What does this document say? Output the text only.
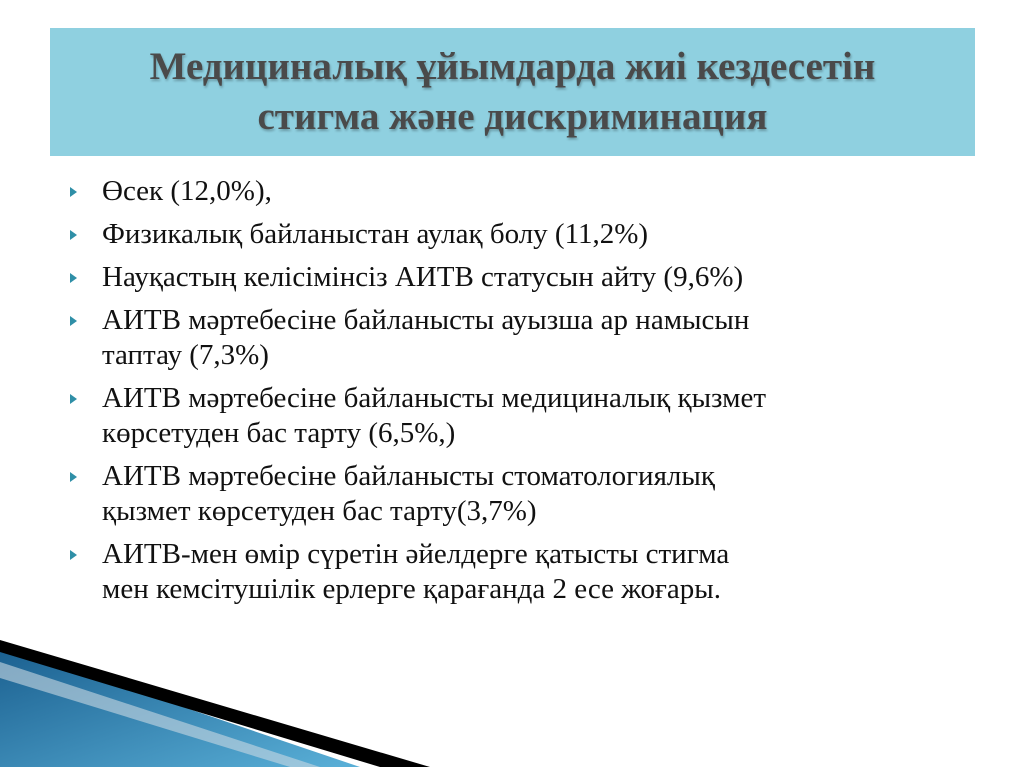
Медициналық ұйымдарда жиі кездесетін
стигма және дискриминация
Өсек (12,0%),
Физикалық байланыстан аулақ болу (11,2%)
Науқастың келісімінсіз АИТВ статусын айту (9,6%)
АИТВ мәртебесіне байланысты ауызша ар намысын
таптау (7,3%)
АИТВ мәртебесіне байланысты медициналық қызмет
көрсетуден бас тарту (6,5%,)
АИТВ мәртебесіне байланысты стоматологиялық
қызмет көрсетуден бас тарту(3,7%)
АИТВ-мен өмір сүретін әйелдерге қатысты стигма
мен кемсітушілік ерлерге қарағанда 2 есе жоғары.
